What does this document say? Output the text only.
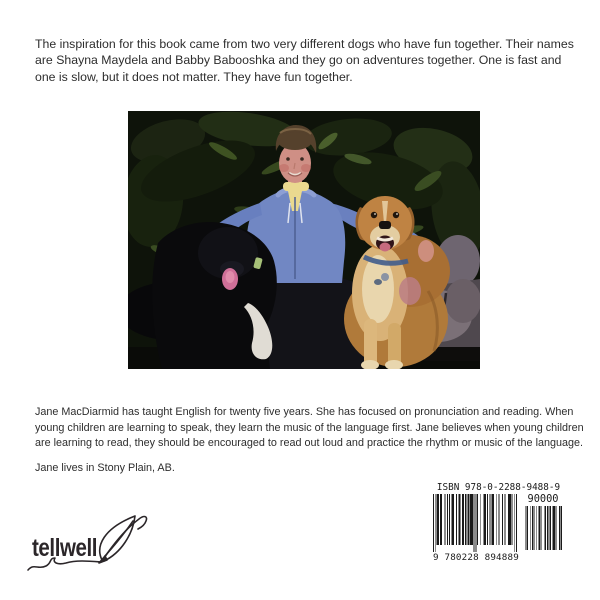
The inspiration for this book came from two very different dogs who have fun together. Their names are Shayna Maydela and Babby Babooshka and they go on adventures together. One is fast and one is slow, but it does not matter. They have fun together.

Jane MacDiarmid has taught English for twenty five years. She has focused on pronunciation and reading. When young children are learning to speak, they learn the music of the language first. Jane believes when young children are learning to read, they should be encouraged to read out loud and practice the rhythm or music of the language.

Jane lives in Stony Plain, AB.

tellwell
ISBN 978-0-2288-9488-9
90000
9 780228 894889
